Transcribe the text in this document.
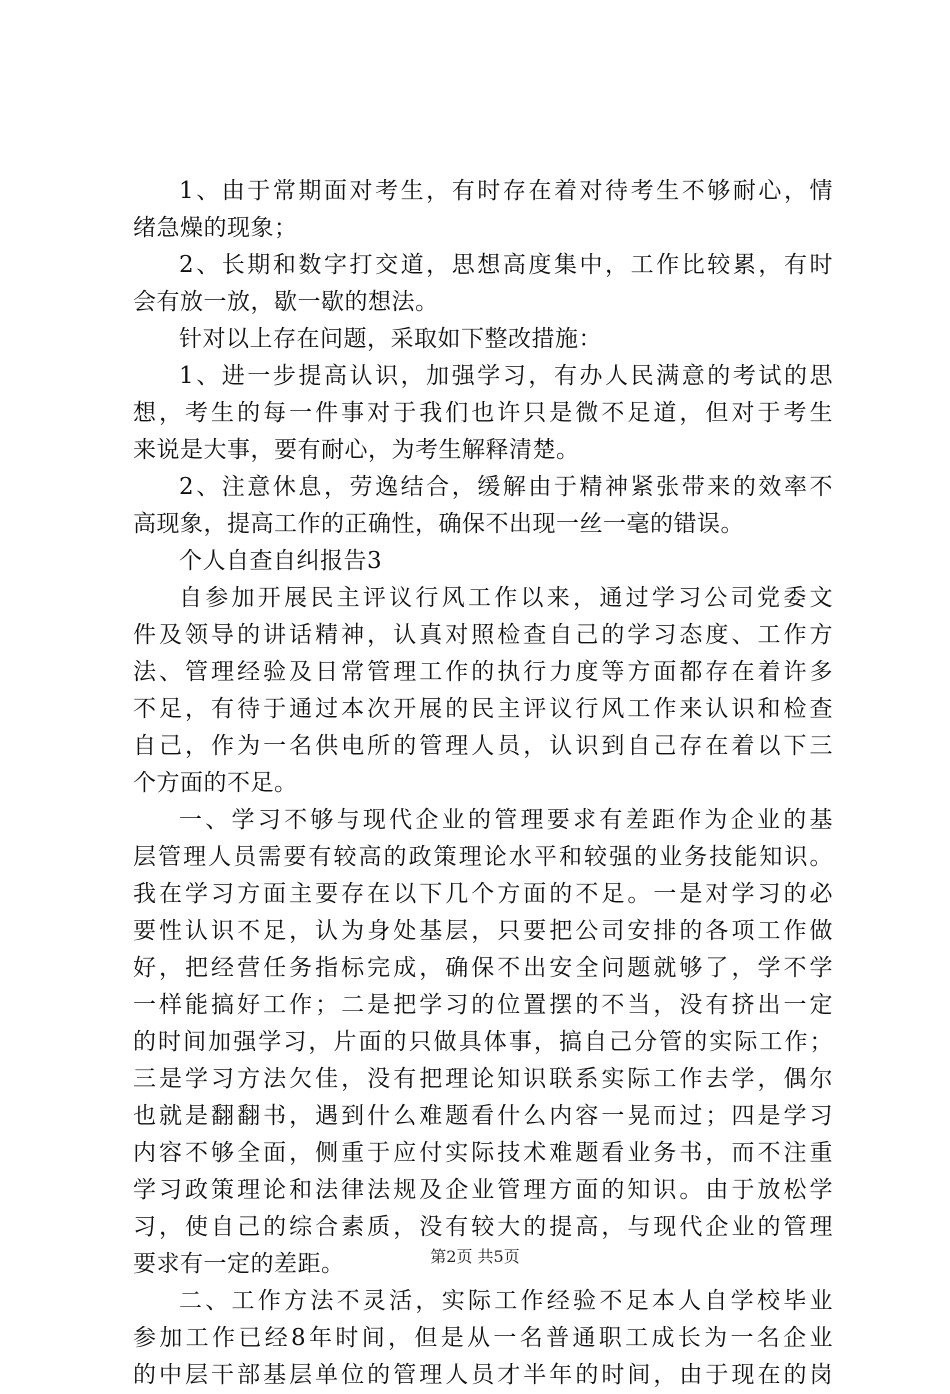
1、由于常期面对考生，有时存在着对待考生不够耐心，情
绪急燥的现象；
2、长期和数字打交道，思想高度集中，工作比较累，有时
会有放一放，歇一歇的想法。
针对以上存在问题，采取如下整改措施：
1、进一步提高认识，加强学习，有办人民满意的考试的思
想，考生的每一件事对于我们也许只是微不足道，但对于考生
来说是大事，要有耐心，为考生解释清楚。
2、注意休息，劳逸结合，缓解由于精神紧张带来的效率不
高现象，提高工作的正确性，确保不出现一丝一毫的错误。
个人自查自纠报告3
自参加开展民主评议行风工作以来，通过学习公司党委文
件及领导的讲话精神，认真对照检查自己的学习态度、工作方
法、管理经验及日常管理工作的执行力度等方面都存在着许多
不足，有待于通过本次开展的民主评议行风工作来认识和检查
自己，作为一名供电所的管理人员，认识到自己存在着以下三
个方面的不足。
一、学习不够与现代企业的管理要求有差距作为企业的基
层管理人员需要有较高的政策理论水平和较强的业务技能知识。
我在学习方面主要存在以下几个方面的不足。一是对学习的必
要性认识不足，认为身处基层，只要把公司安排的各项工作做
好，把经营任务指标完成，确保不出安全问题就够了，学不学
一样能搞好工作；二是把学习的位置摆的不当，没有挤出一定
的时间加强学习，片面的只做具体事，搞自己分管的实际工作；
三是学习方法欠佳，没有把理论知识联系实际工作去学，偶尔
也就是翻翻书，遇到什么难题看什么内容一晃而过；四是学习
内容不够全面，侧重于应付实际技术难题看业务书，而不注重
学习政策理论和法律法规及企业管理方面的知识。由于放松学
习，使自己的综合素质，没有较大的提高，与现代企业的管理
要求有一定的差距。
二、工作方法不灵活，实际工作经验不足本人自学校毕业
参加工作已经8年时间，但是从一名普通职工成长为一名企业
的中层干部基层单位的管理人员才半年的时间，由于现在的岗
第2页 共5页
